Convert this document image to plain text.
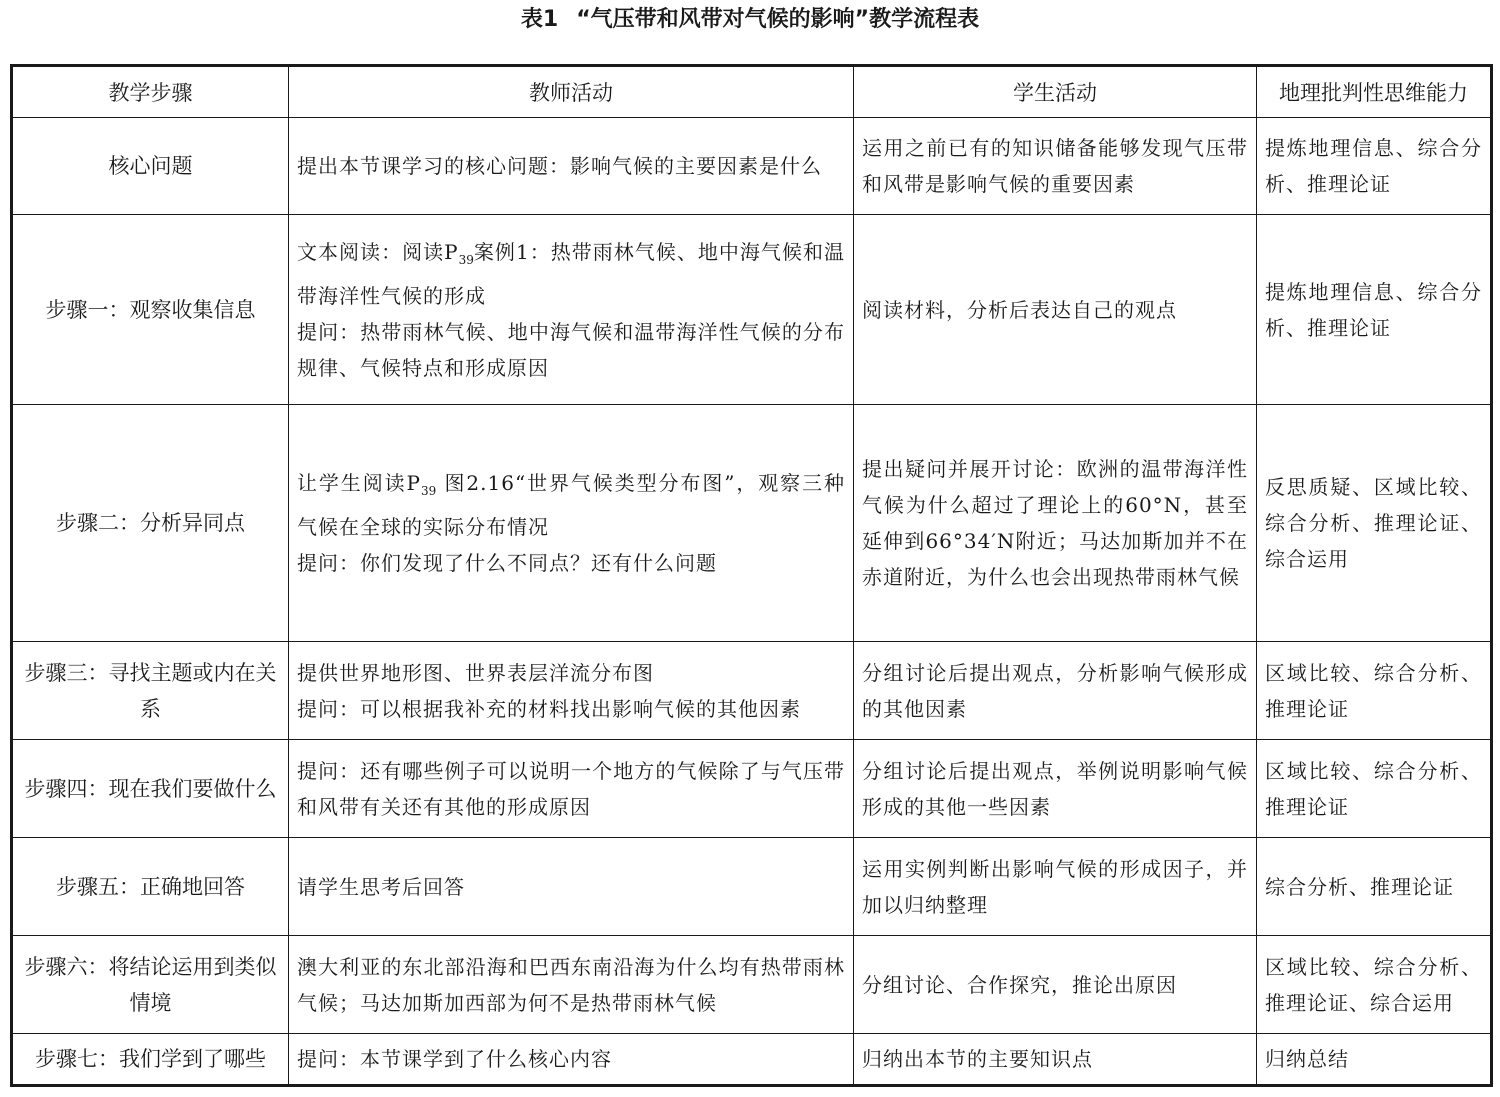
表1 “气压带和风带对气候的影响”教学流程表
教学步骤	教师活动	学生活动	地理批判性思维能力
核心问题	提出本节课学习的核心问题：影响气候的主要因素是什么	运用之前已有的知识储备能够发现气压带和风带是影响气候的重要因素	提炼地理信息、综合分析、推理论证

步骤一：观察收集信息	文本阅读：阅读$P_{39}$案例1：热带雨林气候、地中海气候和温带海洋性气候的形成
提问：热带雨林气候、地中海气候和温带海洋性气候的分布规律、气候特点和形成原因	阅读材料，分析后表达自己的观点	提炼地理信息、综合分析、推理论证

步骤二：分析异同点	让学生阅读$P_{39}$ 图2.16“世界气候类型分布图”，观察三种气候在全球的实际分布情况
提问：你们发现了什么不同点？还有什么问题	提出疑问并展开讨论：欧洲的温带海洋性气候为什么超过了理论上的60°N，甚至延伸到66°34′N附近；马达加斯加并不在赤道附近，为什么也会出现热带雨林气候	反思质疑、区域比较、综合分析、推理论证、综合运用

步骤三：寻找主题或内在关系	提供世界地形图、世界表层洋流分布图
提问：可以根据我补充的材料找出影响气候的其他因素	分组讨论后提出观点，分析影响气候形成的其他因素	区域比较、综合分析、推理论证

步骤四：现在我们要做什么	提问：还有哪些例子可以说明一个地方的气候除了与气压带和风带有关还有其他的形成原因	分组讨论后提出观点，举例说明影响气候形成的其他一些因素	区域比较、综合分析、推理论证

步骤五：正确地回答	请学生思考后回答	运用实例判断出影响气候的形成因子，并加以归纳整理	综合分析、推理论证

步骤六：将结论运用到类似情境	澳大利亚的东北部沿海和巴西东南沿海为什么均有热带雨林气候；马达加斯加西部为何不是热带雨林气候	分组讨论、合作探究，推论出原因	区域比较、综合分析、推理论证、综合运用

步骤七：我们学到了哪些	提问：本节课学到了什么核心内容	归纳出本节的主要知识点	归纳总结
